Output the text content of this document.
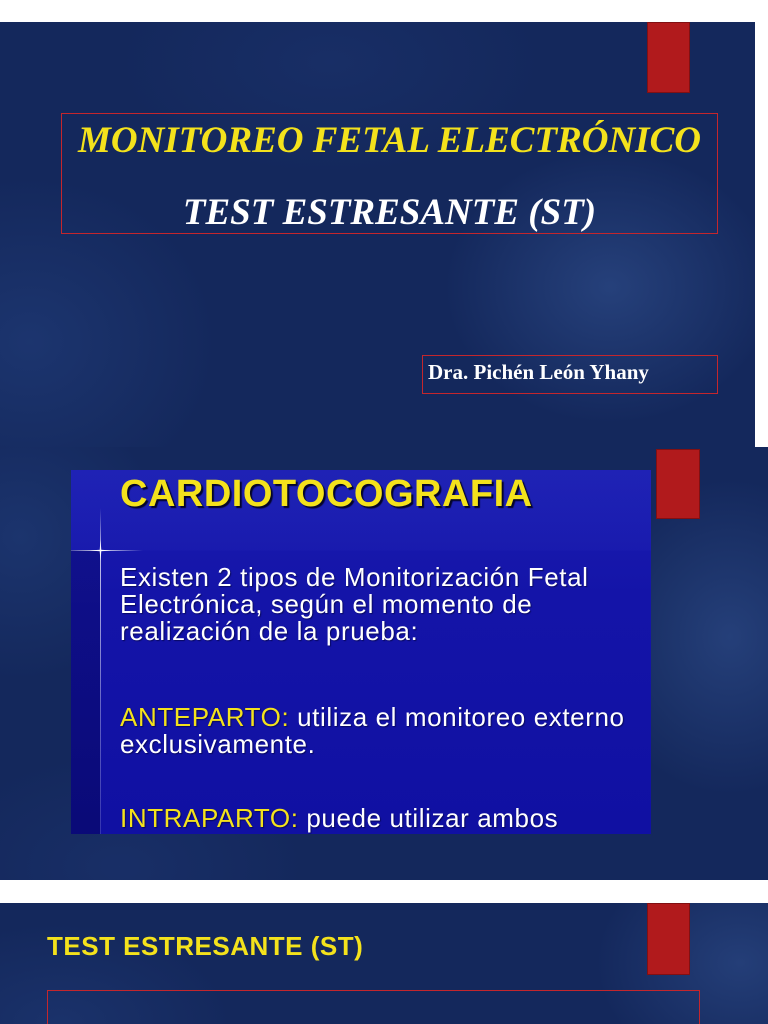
MONITOREO FETAL ELECTRÓNICO
TEST ESTRESANTE (ST)
Dra. Pichén León Yhany
CARDIOTOCOGRAFIA
Existen 2 tipos de Monitorización Fetal
Electrónica, según el momento de
realización de la prueba:
ANTEPARTO: utiliza el monitoreo externo
exclusivamente.
INTRAPARTO: puede utilizar ambos
TEST ESTRESANTE (ST)
